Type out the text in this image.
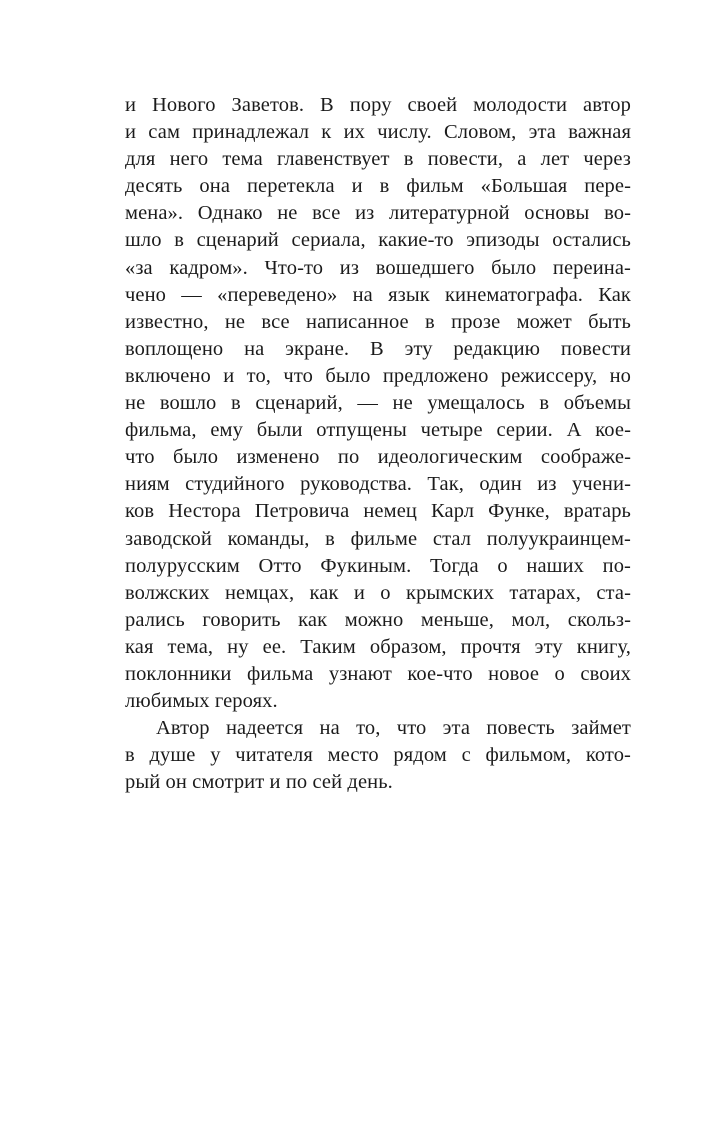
и Нового Заветов. В пору своей молодости автор
и сам принадлежал к их числу. Словом, эта важная
для него тема главенствует в повести, а лет через
десять она перетекла и в фильм «Большая пере-
мена». Однако не все из литературной основы во-
шло в сценарий сериала, какие-то эпизоды остались
«за кадром». Что-то из вошедшего было переина-
чено — «переведено» на язык кинематографа. Как
известно, не все написанное в прозе может быть
воплощено на экране. В эту редакцию повести
включено и то, что было предложено режиссеру, но
не вошло в сценарий, — не умещалось в объемы
фильма, ему были отпущены четыре серии. А кое-
что было изменено по идеологическим соображе-
ниям студийного руководства. Так, один из учени-
ков Нестора Петровича немец Карл Функе, вратарь
заводской команды, в фильме стал полуукраинцем-
полурусским Отто Фукиным. Тогда о наших по-
волжских немцах, как и о крымских татарах, ста-
рались говорить как можно меньше, мол, скольз-
кая тема, ну ее. Таким образом, прочтя эту книгу,
поклонники фильма узнают кое-что новое о своих
любимых героях.
Автор надеется на то, что эта повесть займет
в душе у читателя место рядом с фильмом, кото-
рый он смотрит и по сей день.
